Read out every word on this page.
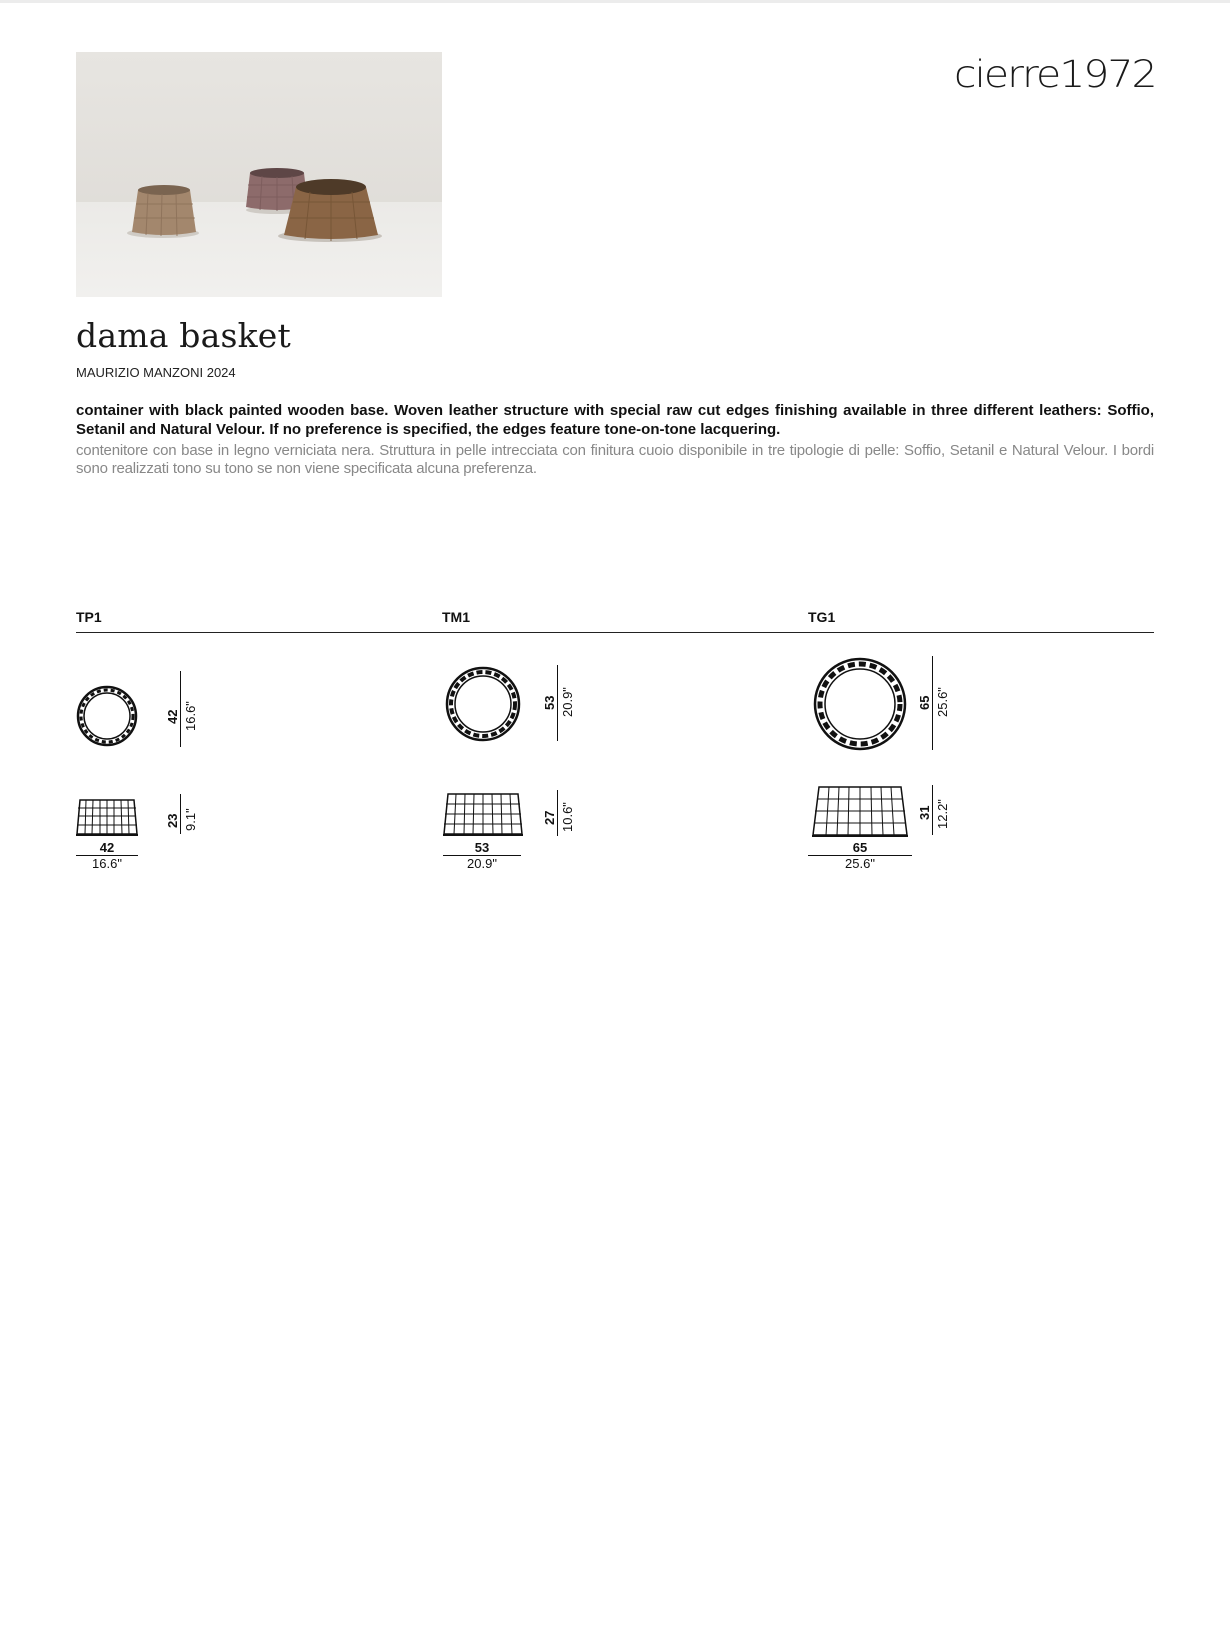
cierre1972
dama basket
MAURIZIO MANZONI 2024

container with black painted wooden base. Woven leather structure with special raw cut edges finishing available in three different leathers: Soffio, Setanil and Natural Velour. If no preference is specified, the edges feature tone-on-tone lacquering.

contenitore con base in legno verniciata nera. Struttura in pelle intrecciata con finitura cuoio disponibile in tre tipologie di pelle: Soffio, Setanil e Natural Velour. I bordi sono realizzati tono su tono se non viene specificata alcuna preferenza.

TP1	TM1	TG1
42 16.6"
23 9.1"
42
16.6"
53 20.9"
27 10.6"
53
20.9"
65 25.6"
31 12.2"
65
25.6"
